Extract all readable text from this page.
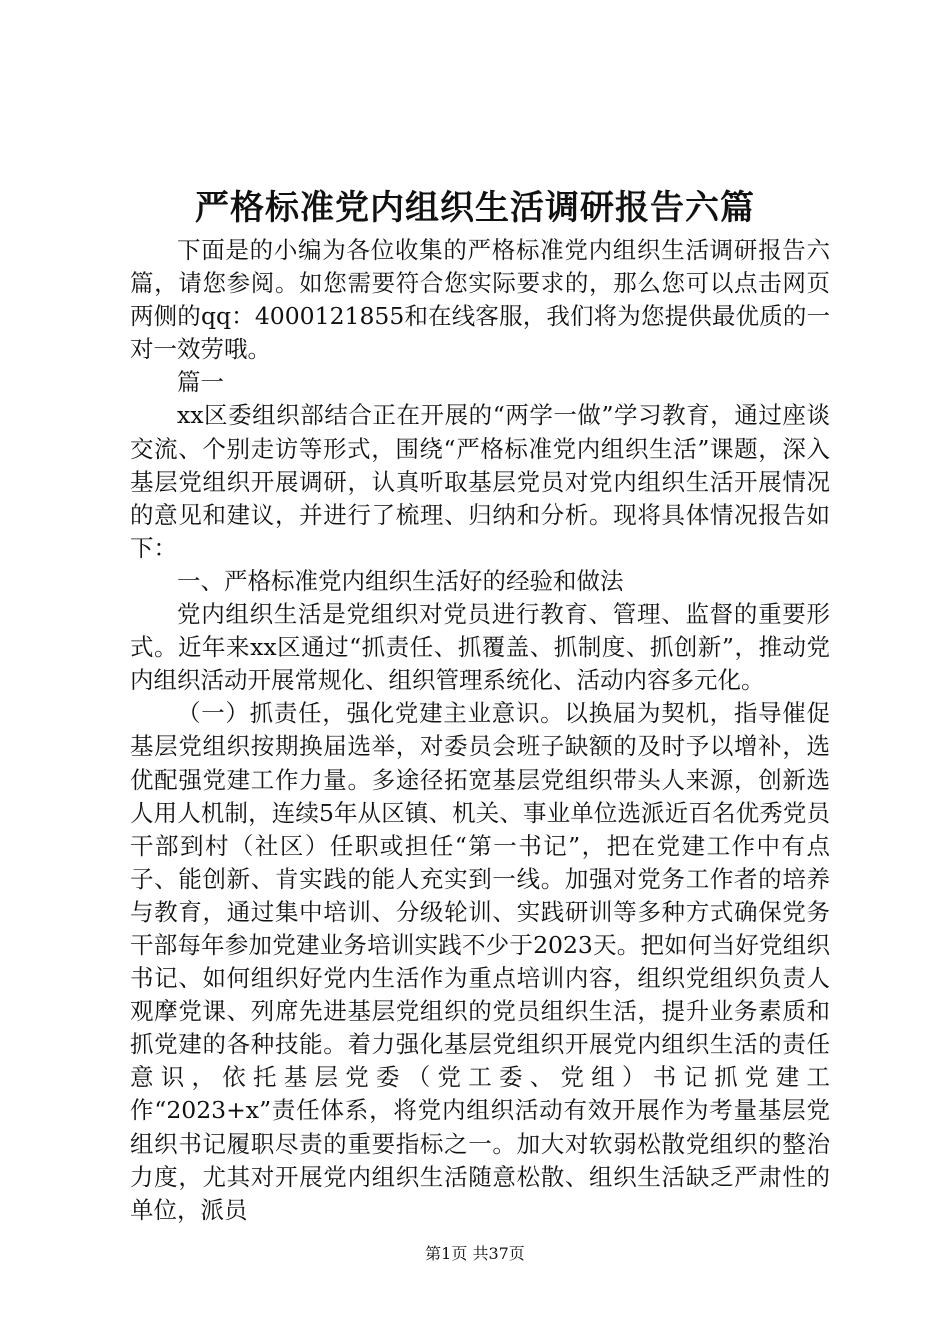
严格标准党内组织生活调研报告六篇

下面是的小编为各位收集的严格标准党内组织生活调研报告六篇，请您参阅。如您需要符合您实际要求的，那么您可以点击网页两侧的qq：4000121855和在线客服，我们将为您提供最优质的一对一效劳哦。

篇一

xx区委组织部结合正在开展的“两学一做”学习教育，通过座谈交流、个别走访等形式，围绕“严格标准党内组织生活”课题，深入基层党组织开展调研，认真听取基层党员对党内组织生活开展情况的意见和建议，并进行了梳理、归纳和分析。现将具体情况报告如下：

一、严格标准党内组织生活好的经验和做法

党内组织生活是党组织对党员进行教育、管理、监督的重要形式。近年来xx区通过“抓责任、抓覆盖、抓制度、抓创新”，推动党内组织活动开展常规化、组织管理系统化、活动内容多元化。

（一）抓责任，强化党建主业意识。以换届为契机，指导催促基层党组织按期换届选举，对委员会班子缺额的及时予以增补，选优配强党建工作力量。多途径拓宽基层党组织带头人来源，创新选人用人机制，连续5年从区镇、机关、事业单位选派近百名优秀党员干部到村（社区）任职或担任“第一书记”，把在党建工作中有点子、能创新、肯实践的能人充实到一线。加强对党务工作者的培养与教育，通过集中培训、分级轮训、实践研训等多种方式确保党务干部每年参加党建业务培训实践不少于2023天。把如何当好党组织书记、如何组织好党内生活作为重点培训内容，组织党组织负责人观摩党课、列席先进基层党组织的党员组织生活，提升业务素质和抓党建的各种技能。着力强化基层党组织开展党内组织生活的责任意识，依托基层党委（党工委、党组）书记抓党建工作“2023+x”责任体系，将党内组织活动有效开展作为考量基层党组织书记履职尽责的重要指标之一。加大对软弱松散党组织的整治力度，尤其对开展党内组织生活随意松散、组织生活缺乏严肃性的单位，派员

第1页 共37页
